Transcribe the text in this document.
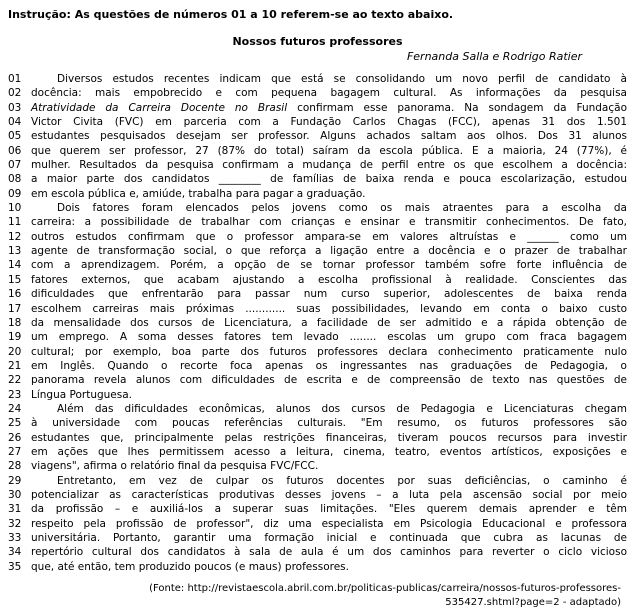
Instrução: As questões de números 01 a 10 referem-se ao texto abaixo.
Nossos futuros professores
Fernanda Salla e Rodrigo Ratier
01	Diversos estudos recentes indicam que está se consolidando um novo perfil de candidato à
02 docência: mais empobrecido e com pequena bagagem cultural. As informações da pesquisa
03 Atratividade da Carreira Docente no Brasil confirmam esse panorama. Na sondagem da Fundação
04 Victor Civita (FVC) em parceria com a Fundação Carlos Chagas (FCC), apenas 31 dos 1.501
05 estudantes pesquisados desejam ser professor. Alguns achados saltam aos olhos. Dos 31 alunos
06 que querem ser professor, 27 (87% do total) saíram da escola pública. E a maioria, 24 (77%), é
07 mulher. Resultados da pesquisa confirmam a mudança de perfil entre os que escolhem a docência:
08 a maior parte dos candidatos ________ de famílias de baixa renda e pouca escolarização, estudou
09 em escola pública e, amiúde, trabalha para pagar a graduação.
10	Dois fatores foram elencados pelos jovens como os mais atraentes para a escolha da
11 carreira: a possibilidade de trabalhar com crianças e ensinar e transmitir conhecimentos. De fato,
12 outros estudos confirmam que o professor ampara-se em valores altruístas e ______ como um
13 agente de transformação social, o que reforça a ligação entre a docência e o prazer de trabalhar
14 com a aprendizagem. Porém, a opção de se tornar professor também sofre forte influência de
15 fatores externos, que acabam ajustando a escolha profissional à realidade. Conscientes das
16 dificuldades que enfrentarão para passar num curso superior, adolescentes de baixa renda
17 escolhem carreiras mais próximas ............ suas possibilidades, levando em conta o baixo custo
18 da mensalidade dos cursos de Licenciatura, a facilidade de ser admitido e a rápida obtenção de
19 um emprego. A soma desses fatores tem levado ........ escolas um grupo com fraca bagagem
20 cultural; por exemplo, boa parte dos futuros professores declara conhecimento praticamente nulo
21 em Inglês. Quando o recorte foca apenas os ingressantes nas graduações de Pedagogia, o
22 panorama revela alunos com dificuldades de escrita e de compreensão de texto nas questões de
23 Língua Portuguesa.
24	Além das dificuldades econômicas, alunos dos cursos de Pedagogia e Licenciaturas chegam
25 à universidade com poucas referências culturais. "Em resumo, os futuros professores são
26 estudantes que, principalmente pelas restrições financeiras, tiveram poucos recursos para investir
27 em ações que lhes permitissem acesso a leitura, cinema, teatro, eventos artísticos, exposições e
28 viagens", afirma o relatório final da pesquisa FVC/FCC.
29	Entretanto, em vez de culpar os futuros docentes por suas deficiências, o caminho é
30 potencializar as características produtivas desses jovens – a luta pela ascensão social por meio
31 da profissão – e auxiliá-los a superar suas limitações. "Eles querem demais aprender e têm
32 respeito pela profissão de professor", diz uma especialista em Psicologia Educacional e professora
33 universitária. Portanto, garantir uma formação inicial e continuada que cubra as lacunas de
34 repertório cultural dos candidatos à sala de aula é um dos caminhos para reverter o ciclo vicioso
35 que, até então, tem produzido poucos (e maus) professores.
(Fonte: http://revistaescola.abril.com.br/politicas-publicas/carreira/nossos-futuros-professores-
535427.shtml?page=2 - adaptado)
